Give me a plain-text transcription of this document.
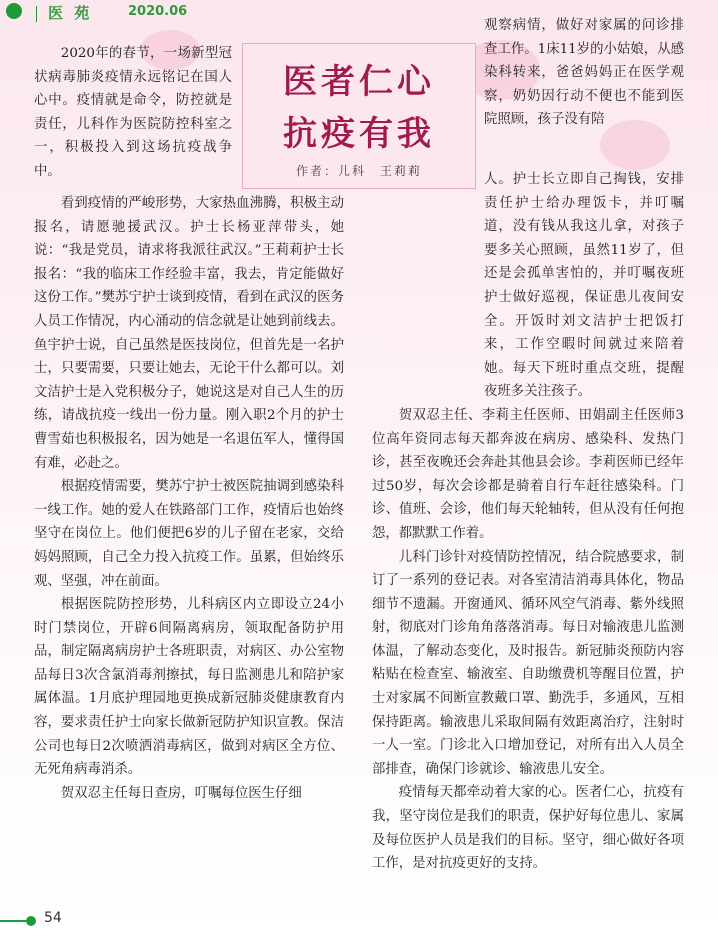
医 苑	2020.06
医者仁心
抗疫有我
作者：儿科　王莉莉

2020年的春节，一场新型冠状病毒肺炎疫情永远铭记在国人心中。疫情就是命令，防控就是责任，儿科作为医院防控科室之一，积极投入到这场抗疫战争中。

看到疫情的严峻形势，大家热血沸腾，积极主动报名，请愿驰援武汉。护士长杨亚萍带头，她说：“我是党员，请求将我派往武汉。”王莉莉护士长报名：“我的临床工作经验丰富，我去，肯定能做好这份工作。”樊苏宁护士谈到疫情，看到在武汉的医务人员工作情况，内心涌动的信念就是让她到前线去。鱼宇护士说，自己虽然是医技岗位，但首先是一名护士，只要需要，只要让她去，无论干什么都可以。刘文洁护士是入党积极分子，她说这是对自己人生的历练，请战抗疫一线出一份力量。刚入职2个月的护士曹雪茹也积极报名，因为她是一名退伍军人，懂得国有难，必赴之。

根据疫情需要，樊苏宁护士被医院抽调到感染科一线工作。她的爱人在铁路部门工作，疫情后也始终坚守在岗位上。他们便把6岁的儿子留在老家，交给妈妈照顾，自己全力投入抗疫工作。虽累，但始终乐观、坚强，冲在前面。

根据医院防控形势，儿科病区内立即设立24小时门禁岗位，开辟6间隔离病房，领取配备防护用品，制定隔离病房护士各班职责，对病区、办公室物品每日3次含氯消毒剂擦拭，每日监测患儿和陪护家属体温。1月底护理园地更换成新冠肺炎健康教育内容，要求责任护士向家长做新冠防护知识宣教。保洁公司也每日2次喷洒消毒病区，做到对病区全方位、无死角病毒消杀。

贺双忍主任每日查房，叮嘱每位医生仔细

观察病情，做好对家属的问诊排查工作。1床11岁的小姑娘，从感染科转来，爸爸妈妈正在医学观察，奶奶因行动不便也不能到医院照顾，孩子没有陪

人。护士长立即自己掏钱，安排责任护士给办理饭卡，并叮嘱道，没有钱从我这儿拿，对孩子要多关心照顾，虽然11岁了，但还是会孤单害怕的，并叮嘱夜班护士做好巡视，保证患儿夜间安全。开饭时刘文洁护士把饭打来，工作空暇时间就过来陪着她。每天下班时重点交班，提醒夜班多关注孩子。

贺双忍主任、李莉主任医师、田娟副主任医师3位高年资同志每天都奔波在病房、感染科、发热门诊，甚至夜晚还会奔赴其他县会诊。李莉医师已经年过50岁，每次会诊都是骑着自行车赶往感染科。门诊、值班、会诊，他们每天轮轴转，但从没有任何抱怨，都默默工作着。

儿科门诊针对疫情防控情况，结合院感要求，制订了一系列的登记表。对各室清洁消毒具体化，物品细节不遗漏。开窗通风、循环风空气消毒、紫外线照射，彻底对门诊角角落落消毒。每日对输液患儿监测体温，了解动态变化，及时报告。新冠肺炎预防内容粘贴在检查室、输液室、自助缴费机等醒目位置，护士对家属不间断宣教戴口罩、勤洗手，多通风，互相保持距离。输液患儿采取间隔有效距离治疗，注射时一人一室。门诊北入口增加登记，对所有出入人员全部排查，确保门诊就诊、输液患儿安全。

疫情每天都牵动着大家的心。医者仁心，抗疫有我，坚守岗位是我们的职责，保护好每位患儿、家属及每位医护人员是我们的目标。坚守，细心做好各项工作，是对抗疫更好的支持。

54
